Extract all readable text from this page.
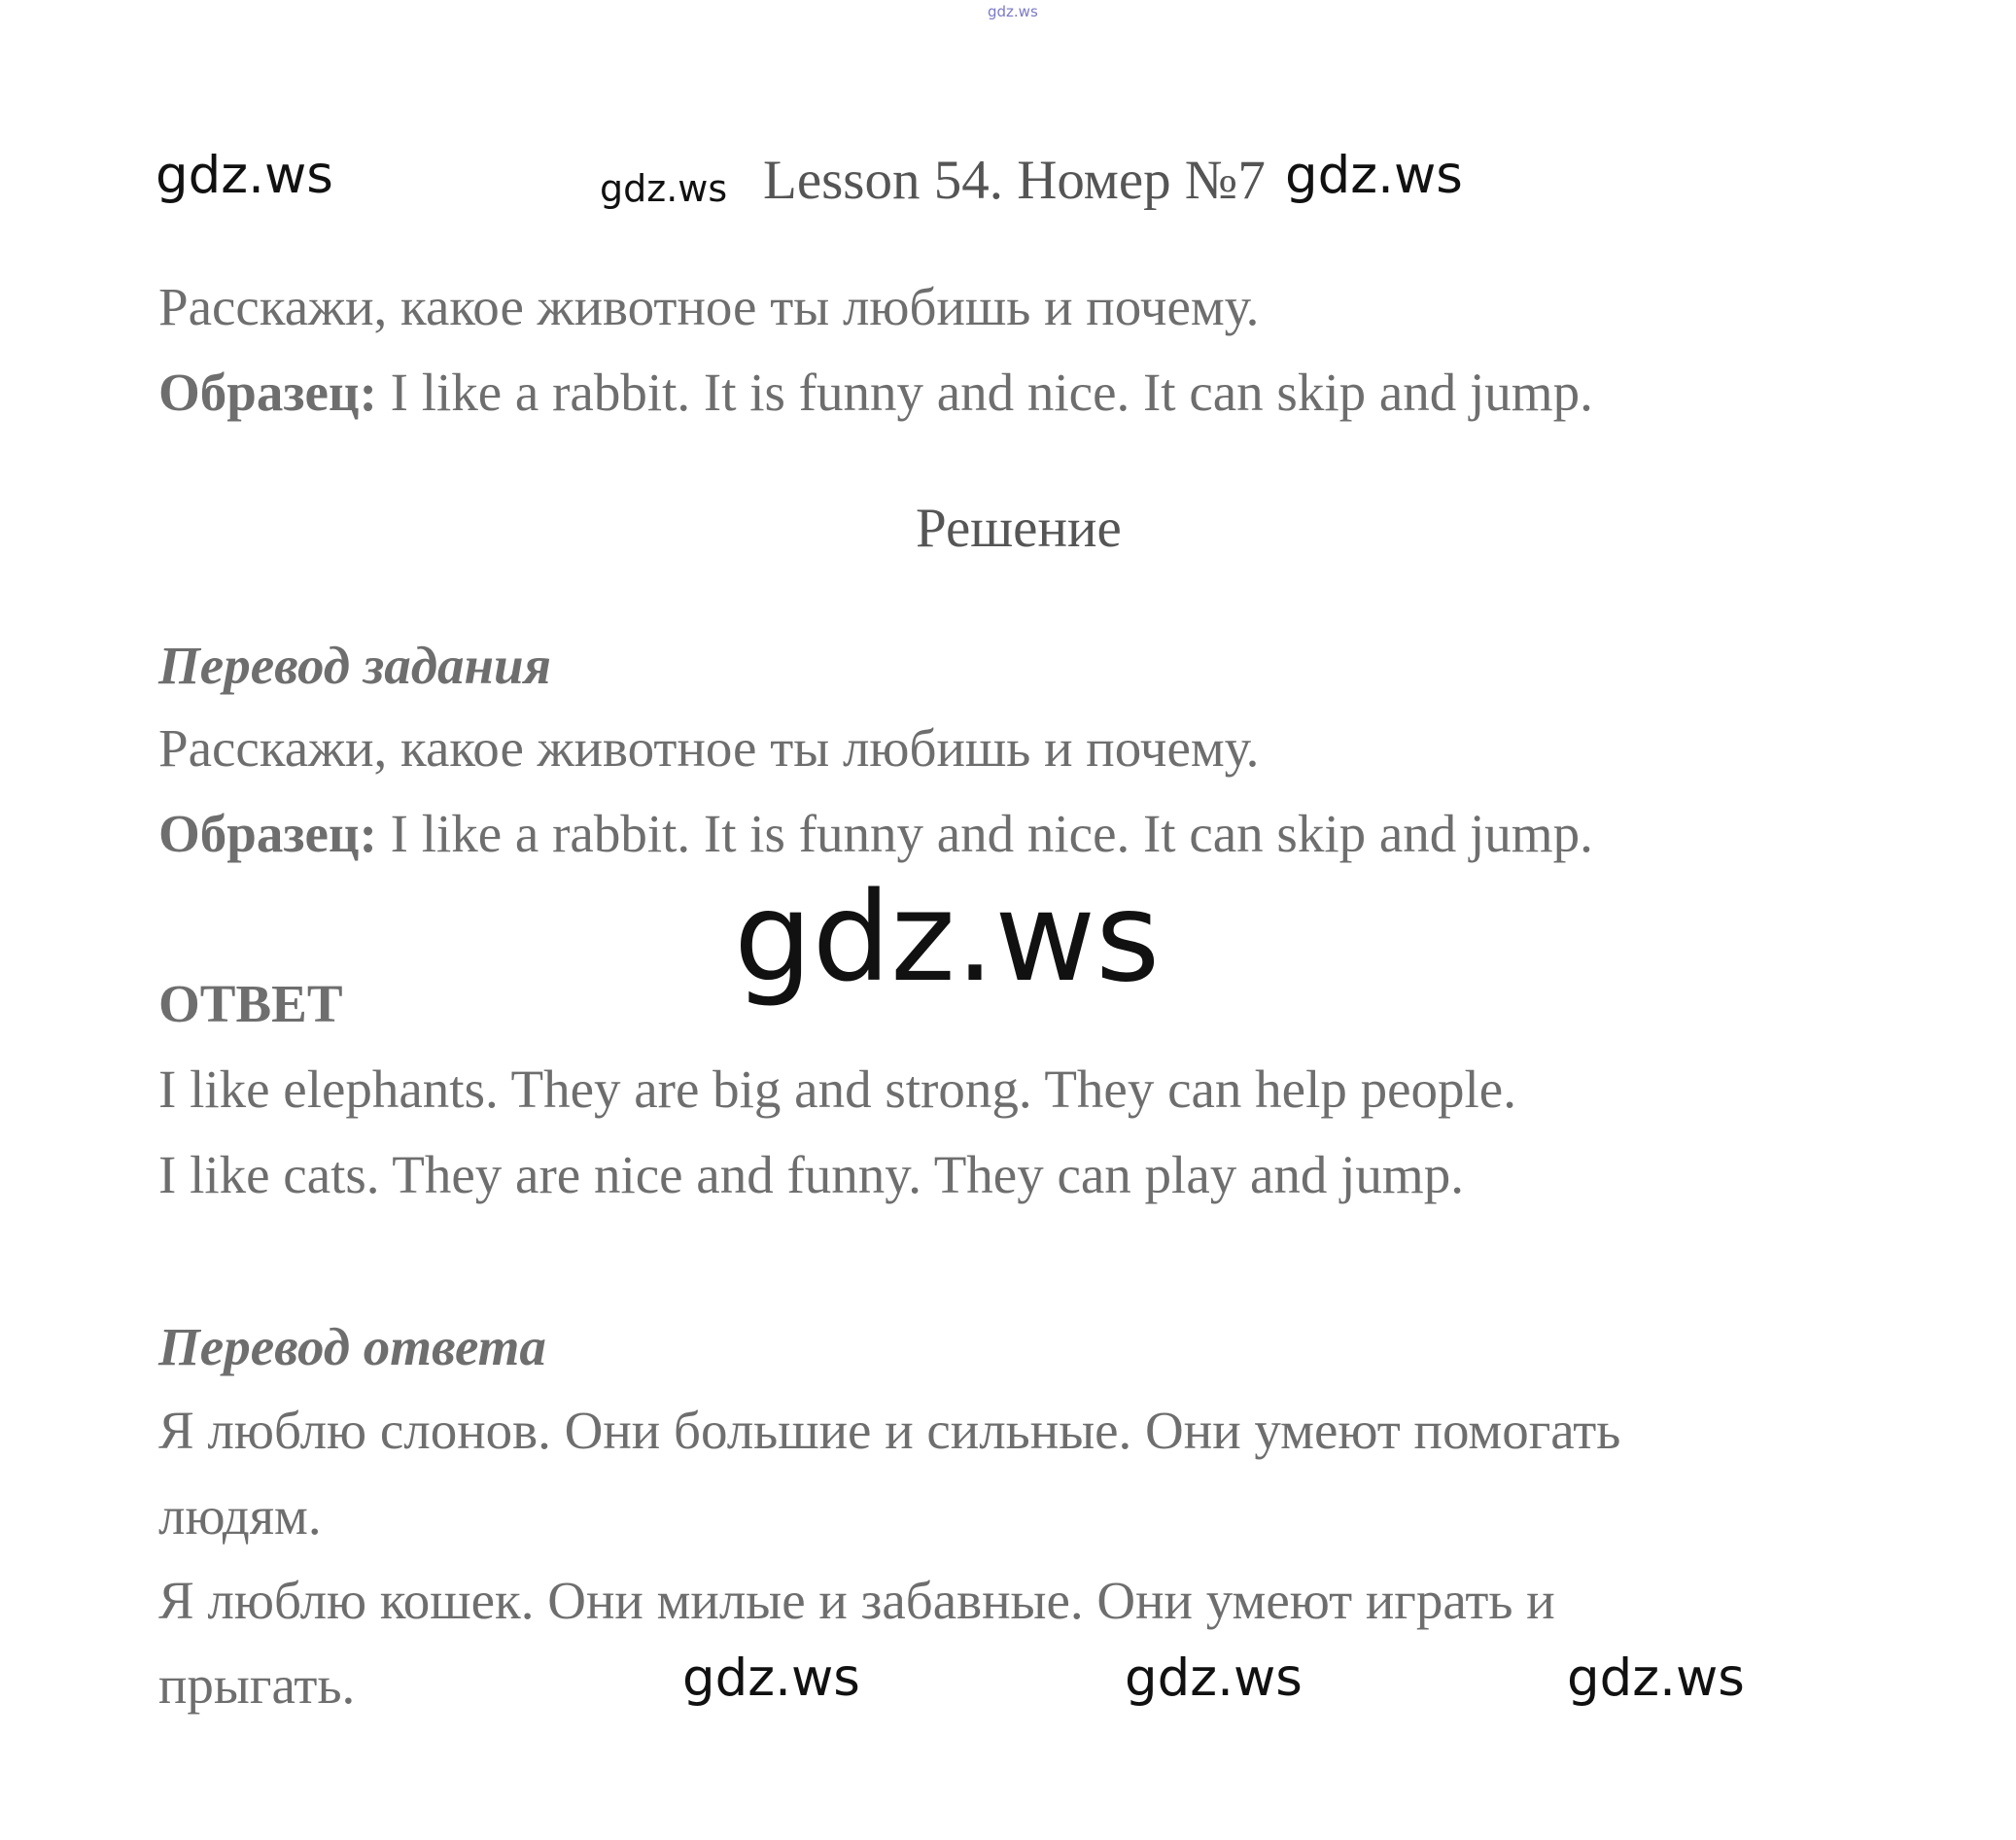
gdz.ws
gdz.ws	gdz.ws Lesson 54. Номер №7 gdz.ws
Расскажи, какое животное ты любишь и почему.
Образец: I like a rabbit. It is funny and nice. It can skip and jump.
Решение
Перевод задания
Расскажи, какое животное ты любишь и почему.
Образец: I like a rabbit. It is funny and nice. It can skip and jump.
gdz.ws
ОТВЕТ
I like elephants. They are big and strong. They can help people.
I like cats. They are nice and funny. They can play and jump.
Перевод ответа
Я люблю слонов. Они большие и сильные. Они умеют помогать
людям.
Я люблю кошек. Они милые и забавные. Они умеют играть и
прыгать.	gdz.ws	gdz.ws	gdz.ws
